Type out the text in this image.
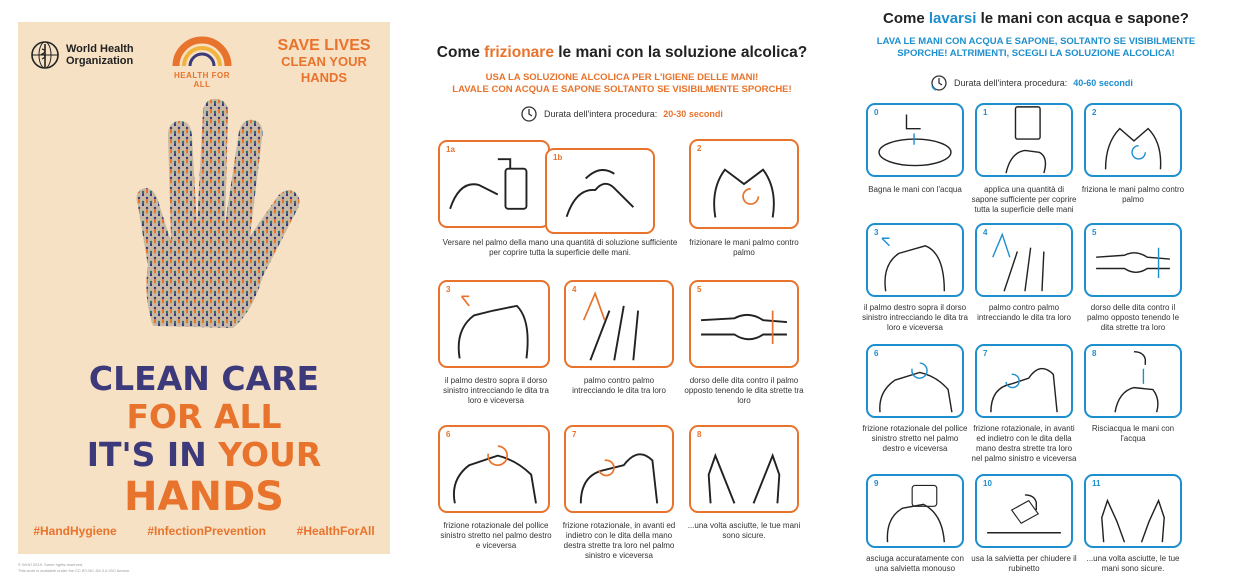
World Health Organization
HEALTH FOR ALL
SAVE LIVES
CLEAN YOUR HANDS
CLEAN CARE
FOR ALL
IT'S IN YOUR
HANDS
#HandHygiene	#InfectionPrevention	#HealthForAll
© WHO 2019. Some rights reserved.
This work is available under the CC BY-NC-SA 3.0 IGO licence.
Come frizionare le mani con la soluzione alcolica?
USA LA SOLUZIONE ALCOLICA PER L'IGIENE DELLE MANI!
LAVALE CON ACQUA E SAPONE SOLTANTO SE VISIBILMENTE SPORCHE!
Durata dell'intera procedura: 20-30 secondi
1a
1b
2
Versare nel palmo della mano una quantità di soluzione sufficiente per coprire tutta la superficie delle mani.
frizionare le mani palmo contro palmo
3	4	5
il palmo destro sopra il dorso sinistro intrecciando le dita tra loro e viceversa
palmo contro palmo intrecciando le dita tra loro
dorso delle dita contro il palmo opposto tenendo le dita strette tra loro
6	7	8
frizione rotazionale del pollice sinistro stretto nel palmo destro e viceversa
frizione rotazionale, in avanti ed indietro con le dita della mano destra strette tra loro nel palmo sinistro e viceversa
...una volta asciutte, le tue mani sono sicure.
Come lavarsi le mani con acqua e sapone?
LAVA LE MANI CON ACQUA E SAPONE, SOLTANTO SE VISIBILMENTE
SPORCHE! ALTRIMENTI, SCEGLI LA SOLUZIONE ALCOLICA!
Durata dell'intera procedura: 40-60 secondi
0	1	2
Bagna le mani con l'acqua	applica una quantità di sapone sufficiente per coprire tutta la superficie delle mani
friziona le mani palmo contro palmo
3	4	5
il palmo destro sopra il dorso sinistro intrecciando le dita tra loro e viceversa
palmo contro palmo intrecciando le dita tra loro
dorso delle dita contro il palmo opposto tenendo le dita strette tra loro
6	7	8
frizione rotazionale del pollice sinistro stretto nel palmo destro e viceversa
frizione rotazionale, in avanti ed indietro con le dita della mano destra strette tra loro nel palmo sinistro e viceversa
Risciacqua le mani con l'acqua
9	10	11
asciuga accuratamente con una salvietta monouso
usa la salvietta per chiudere il rubinetto
...una volta asciutte, le tue mani sono sicure.
